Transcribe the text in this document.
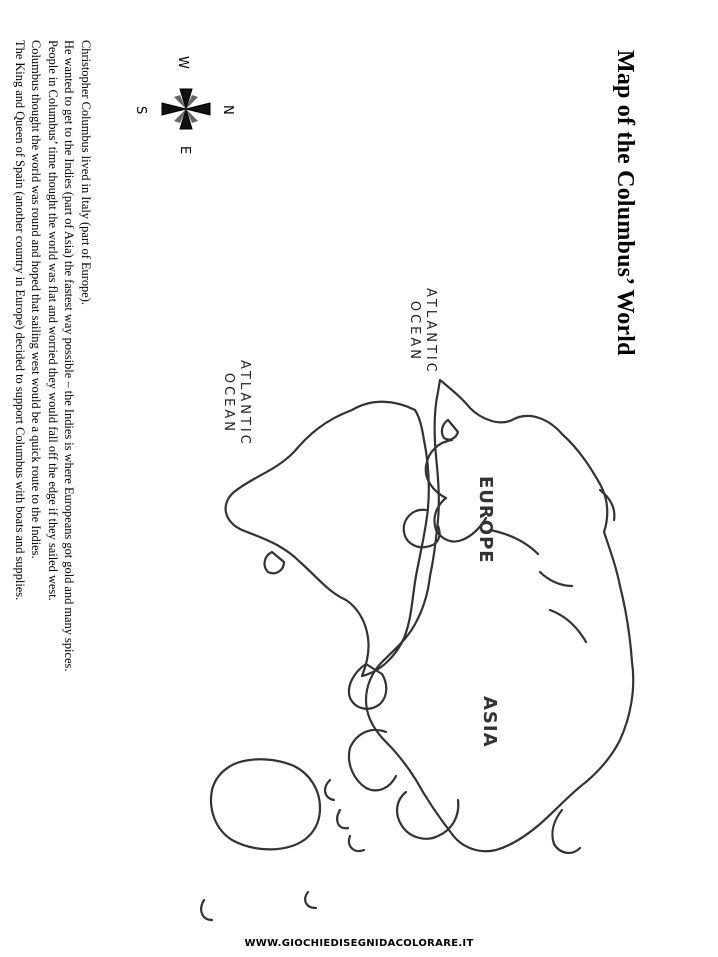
Map of the Columbus’ World
Christopher Columbus lived in Italy (part of Europe).
He wanted to get to the Indies (part of Asia) the fastest way possible – the Indies is where Europeans got gold and many spices.
People in Columbus’ time thought the world was flat and worried they would fall off the edge if they sailed west.
Columbus thought the world was round and hoped that sailing west would be a quick route to the Indies.
The King and Queen of Spain (another country in Europe) decided to support Columbus with boats and supplies.	W
N
S
E
ATLANTIC
OCEAN
ATLANTIC
OCEAN
EUROPE
ASIA
WWW.GIOCHIEDISEGNIDACOLORARE.IT
